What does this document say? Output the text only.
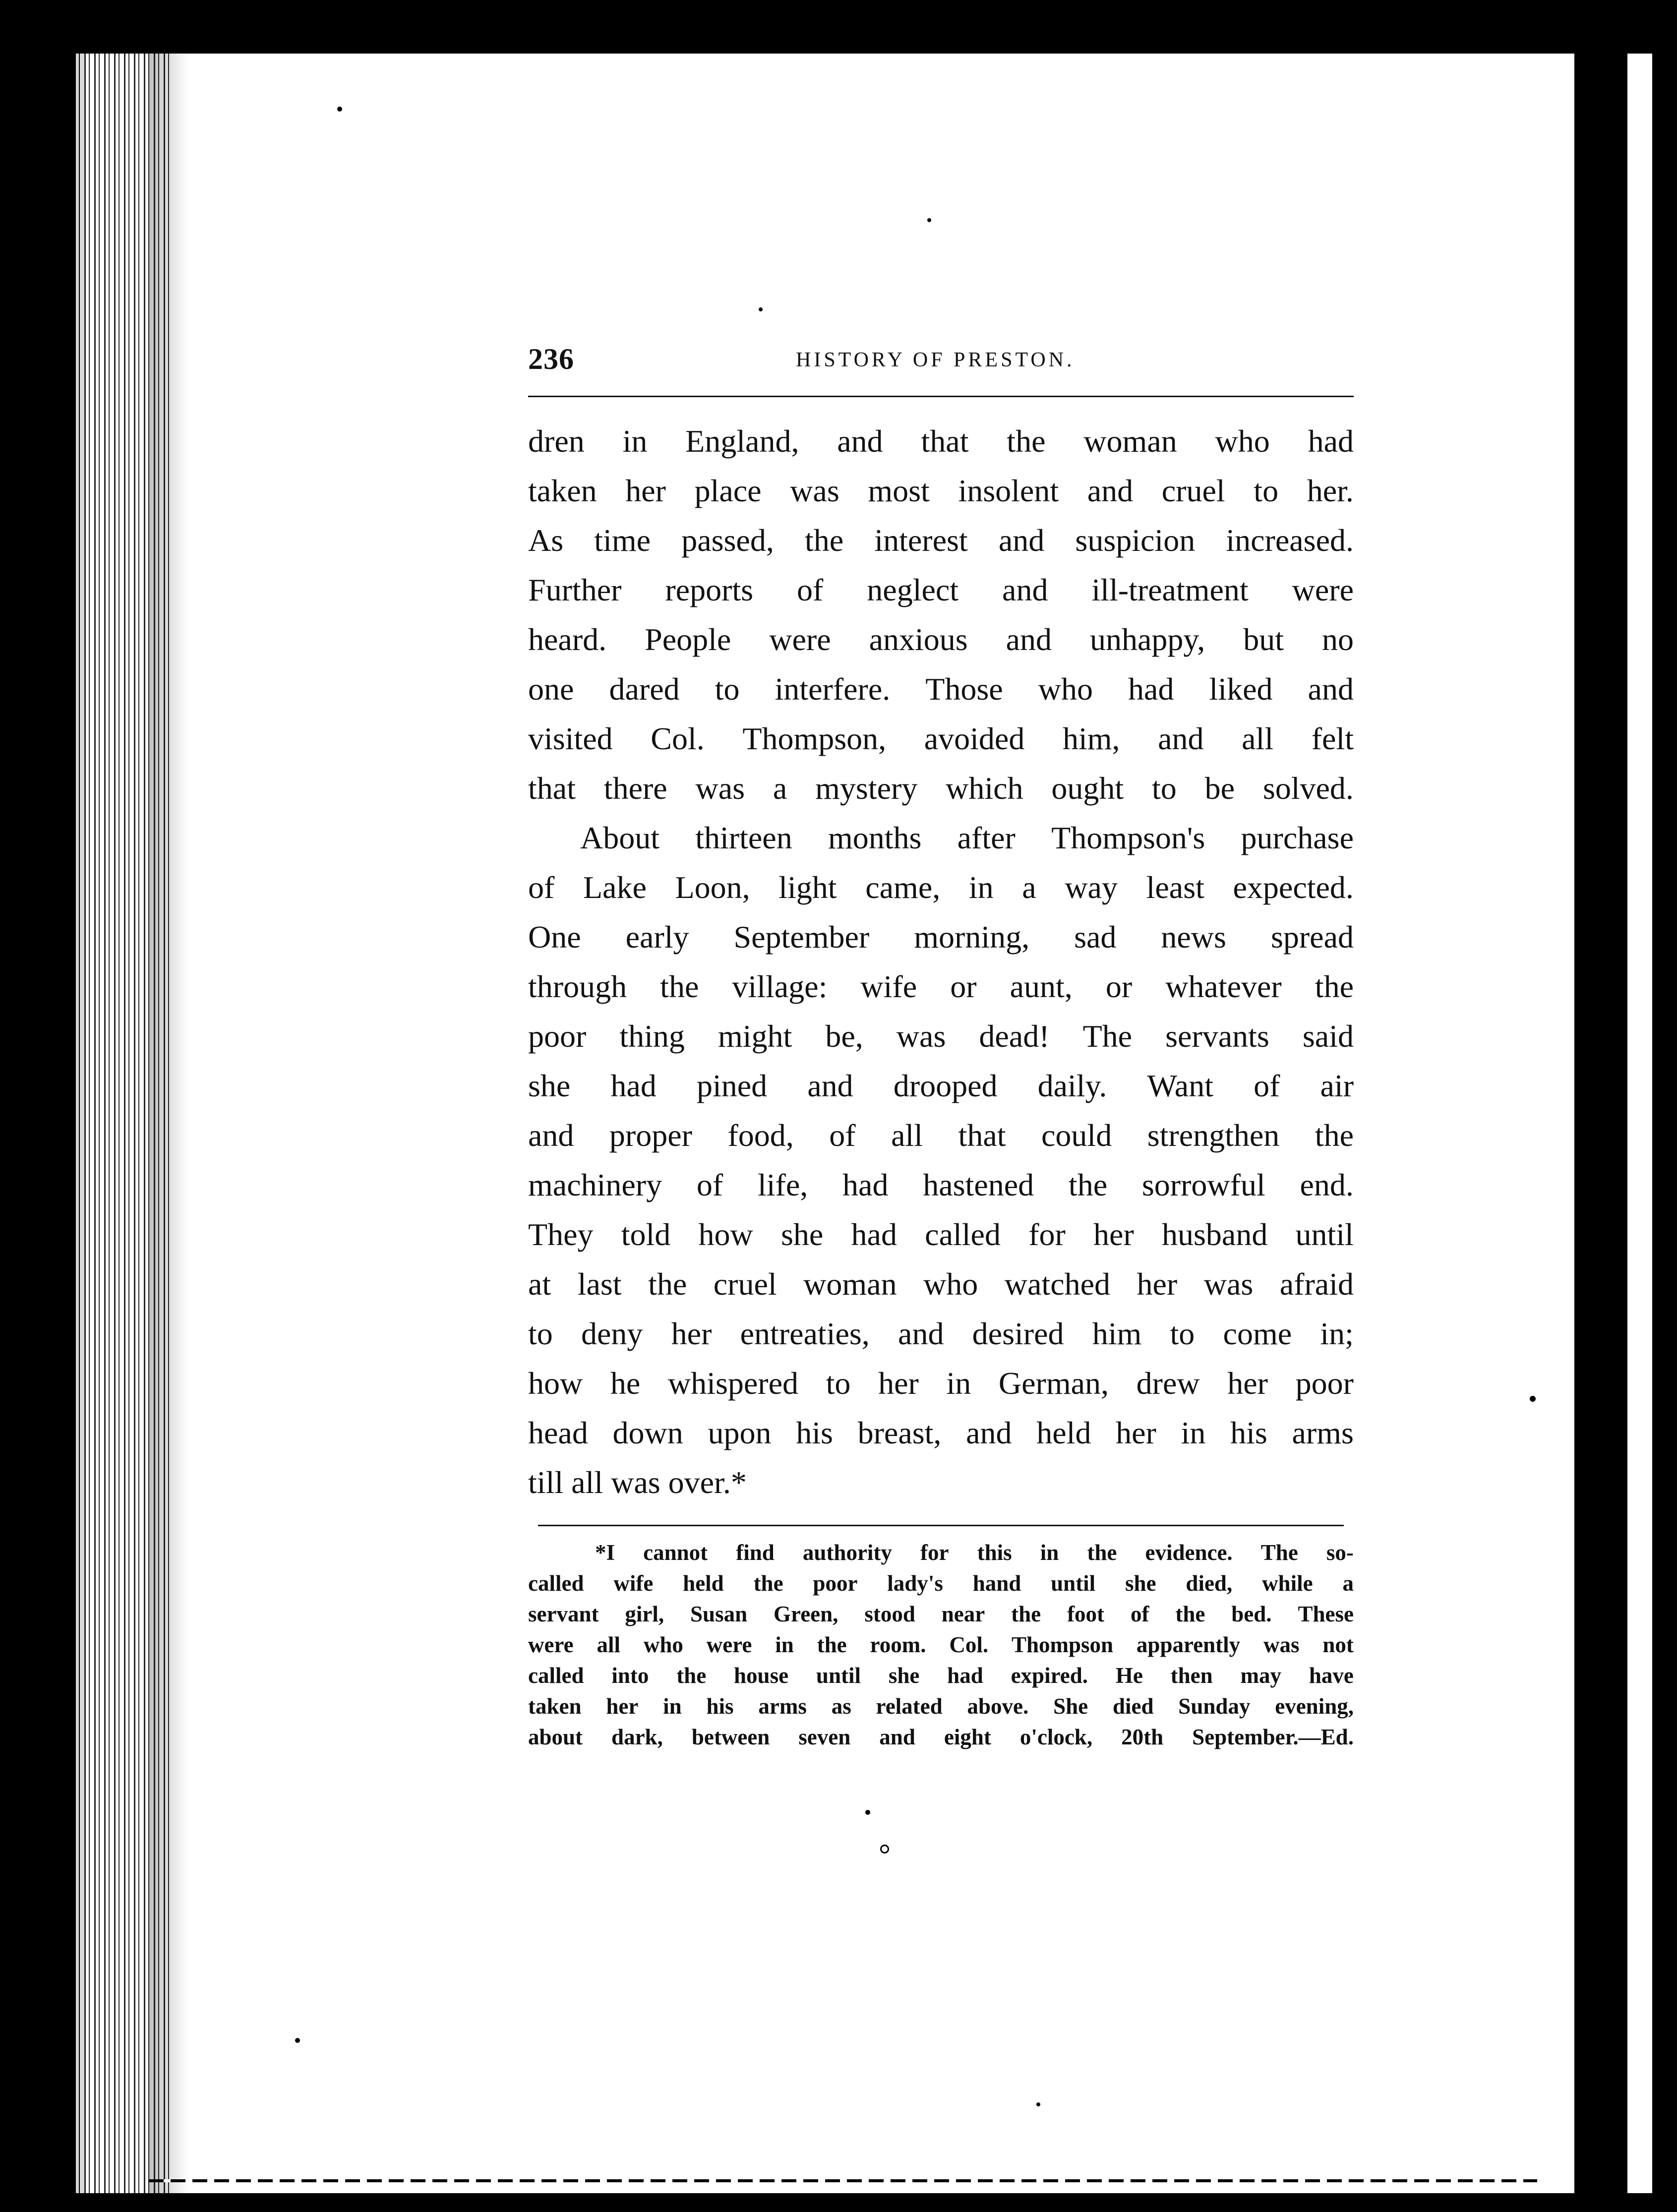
236	HISTORY OF PRESTON.
dren in England, and that the woman who had
taken her place was most insolent and cruel to her.
As time passed, the interest and suspicion increased.
Further reports of neglect and ill-treatment were
heard. People were anxious and unhappy, but no
one dared to interfere. Those who had liked and
visited Col. Thompson, avoided him, and all felt
that there was a mystery which ought to be solved.
About thirteen months after Thompson's purchase
of Lake Loon, light came, in a way least expected.
One early September morning, sad news spread
through the village: wife or aunt, or whatever the
poor thing might be, was dead! The servants said
she had pined and drooped daily. Want of air
and proper food, of all that could strengthen the
machinery of life, had hastened the sorrowful end.
They told how she had called for her husband until
at last the cruel woman who watched her was afraid
to deny her entreaties, and desired him to come in;
how he whispered to her in German, drew her poor
head down upon his breast, and held her in his arms
till all was over.*
*I cannot find authority for this in the evidence. The so-
called wife held the poor lady's hand until she died, while a
servant girl, Susan Green, stood near the foot of the bed. These
were all who were in the room. Col. Thompson apparently was not
called into the house until she had expired. He then may have
taken her in his arms as related above. She died Sunday evening,
about dark, between seven and eight o'clock, 20th September.—Ed.
